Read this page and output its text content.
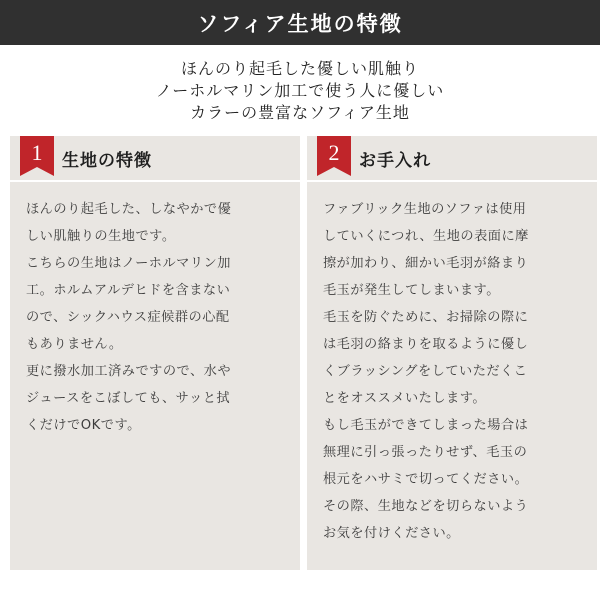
ソフィア生地の特徴
ほんのり起毛した優しい肌触り
ノーホルマリン加工で使う人に優しい
カラーの豊富なソフィア生地
1 生地の特徴
ほんのり起毛した、しなやかで優
しい肌触りの生地です。
こちらの生地はノーホルマリン加
工。ホルムアルデヒドを含まない
ので、シックハウス症候群の心配
もありません。
更に撥水加工済みですので、水や
ジュースをこぼしても、サッと拭
くだけでOKです。
2 お手入れ
ファブリック生地のソファは使用
していくにつれ、生地の表面に摩
擦が加わり、細かい毛羽が絡まり
毛玉が発生してしまいます。
毛玉を防ぐために、お掃除の際に
は毛羽の絡まりを取るように優し
くブラッシングをしていただくこ
とをオススメいたします。
もし毛玉ができてしまった場合は
無理に引っ張ったりせず、毛玉の
根元をハサミで切ってください。
その際、生地などを切らないよう
お気を付けください。
